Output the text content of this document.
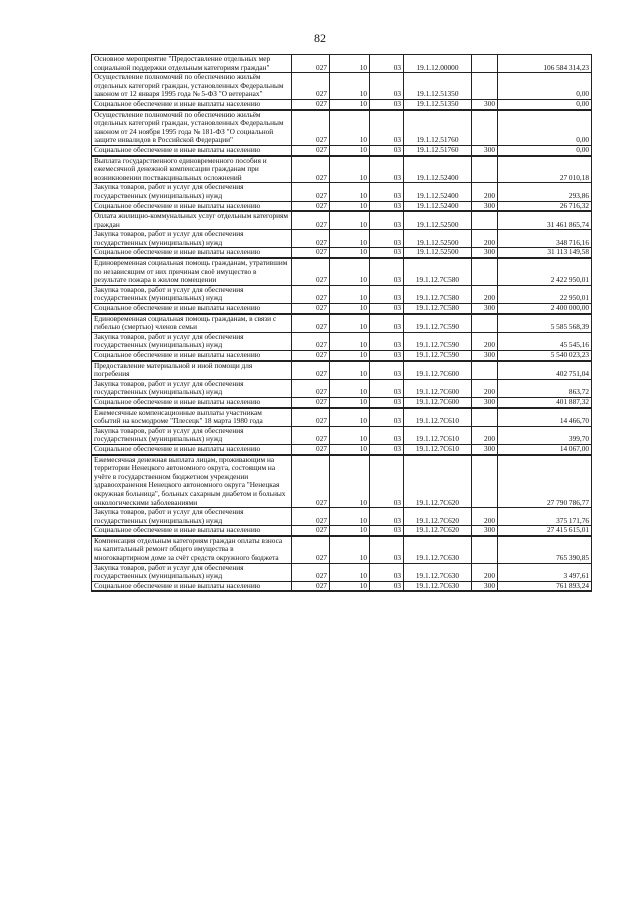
82
Основное мероприятие "Предоставление отдельных мер социальной поддержки отдельным категориям граждан"	027	10	03	19.1.12.00000		106 584 314,23
Осуществление полномочий по обеспечению жильём отдельных категорий граждан, установленных Федеральным законом от 12 января 1995 года № 5-ФЗ "О ветеранах"	027	10	03	19.1.12.51350		0,00
Социальное обеспечение и иные выплаты населению	027	10	03	19.1.12.51350	300	0,00
Осуществление полномочий по обеспечению жильём отдельных категорий граждан, установленных Федеральным законом от 24 ноября 1995 года № 181-ФЗ "О социальной защите инвалидов в Российской Федерации"	027	10	03	19.1.12.51760		0,00
Социальное обеспечение и иные выплаты населению	027	10	03	19.1.12.51760	300	0,00
Выплата государственного единовременного пособия и ежемесячной денежной компенсации гражданам при возникновении поствакцинальных осложнений	027	10	03	19.1.12.52400		27 010,18
Закупка товаров, работ и услуг для обеспечения государственных (муниципальных) нужд	027	10	03	19.1.12.52400	200	293,86
Социальное обеспечение и иные выплаты населению	027	10	03	19.1.12.52400	300	26 716,32
Оплата жилищно-коммунальных услуг отдельным категориям граждан	027	10	03	19.1.12.52500		31 461 865,74
Закупка товаров, работ и услуг для обеспечения государственных (муниципальных) нужд	027	10	03	19.1.12.52500	200	348 716,16
Социальное обеспечение и иные выплаты населению	027	10	03	19.1.12.52500	300	31 113 149,58
Единовременная социальная помощь гражданам, утратившим по независящим от них причинам своё имущество в результате пожара в жилом помещении	027	10	03	19.1.12.7С580		2 422 950,01
Закупка товаров, работ и услуг для обеспечения государственных (муниципальных) нужд	027	10	03	19.1.12.7С580	200	22 950,01
Социальное обеспечение и иные выплаты населению	027	10	03	19.1.12.7С580	300	2 400 000,00
Единовременная социальная помощь гражданам, в связи с гибелью (смертью) членов семьи	027	10	03	19.1.12.7С590		5 585 568,39
Закупка товаров, работ и услуг для обеспечения государственных (муниципальных) нужд	027	10	03	19.1.12.7С590	200	45 545,16
Социальное обеспечение и иные выплаты населению	027	10	03	19.1.12.7С590	300	5 540 023,23
Предоставление материальной и иной помощи для погребения	027	10	03	19.1.12.7С600		402 751,04
Закупка товаров, работ и услуг для обеспечения государственных (муниципальных) нужд	027	10	03	19.1.12.7С600	200	863,72
Социальное обеспечение и иные выплаты населению	027	10	03	19.1.12.7С600	300	401 887,32
Ежемесячные компенсационные выплаты участникам событий на космодроме "Плесецк" 18 марта 1980 года	027	10	03	19.1.12.7С610		14 466,70
Закупка товаров, работ и услуг для обеспечения государственных (муниципальных) нужд	027	10	03	19.1.12.7С610	200	399,70
Социальное обеспечение и иные выплаты населению	027	10	03	19.1.12.7С610	300	14 067,00
Ежемесячная денежная выплата лицам, проживающим на территории Ненецкого автономного округа, состоящим на учёте в государственном бюджетном учреждении здравоохранения Ненецкого автономного округа "Ненецкая окружная больница", больных сахарным диабетом и больных онкологическими заболеваниями	027	10	03	19.1.12.7С620		27 790 786,77
Закупка товаров, работ и услуг для обеспечения государственных (муниципальных) нужд	027	10	03	19.1.12.7С620	200	375 171,76
Социальное обеспечение и иные выплаты населению	027	10	03	19.1.12.7С620	300	27 415 615,01
Компенсация отдельным категориям граждан оплаты взноса на капитальный ремонт общего имущества в многоквартирном доме за счёт средств окружного бюджета	027	10	03	19.1.12.7С630		765 390,85
Закупка товаров, работ и услуг для обеспечения государственных (муниципальных) нужд	027	10	03	19.1.12.7С630	200	3 497,61
Социальное обеспечение и иные выплаты населению	027	10	03	19.1.12.7С630	300	761 893,24
